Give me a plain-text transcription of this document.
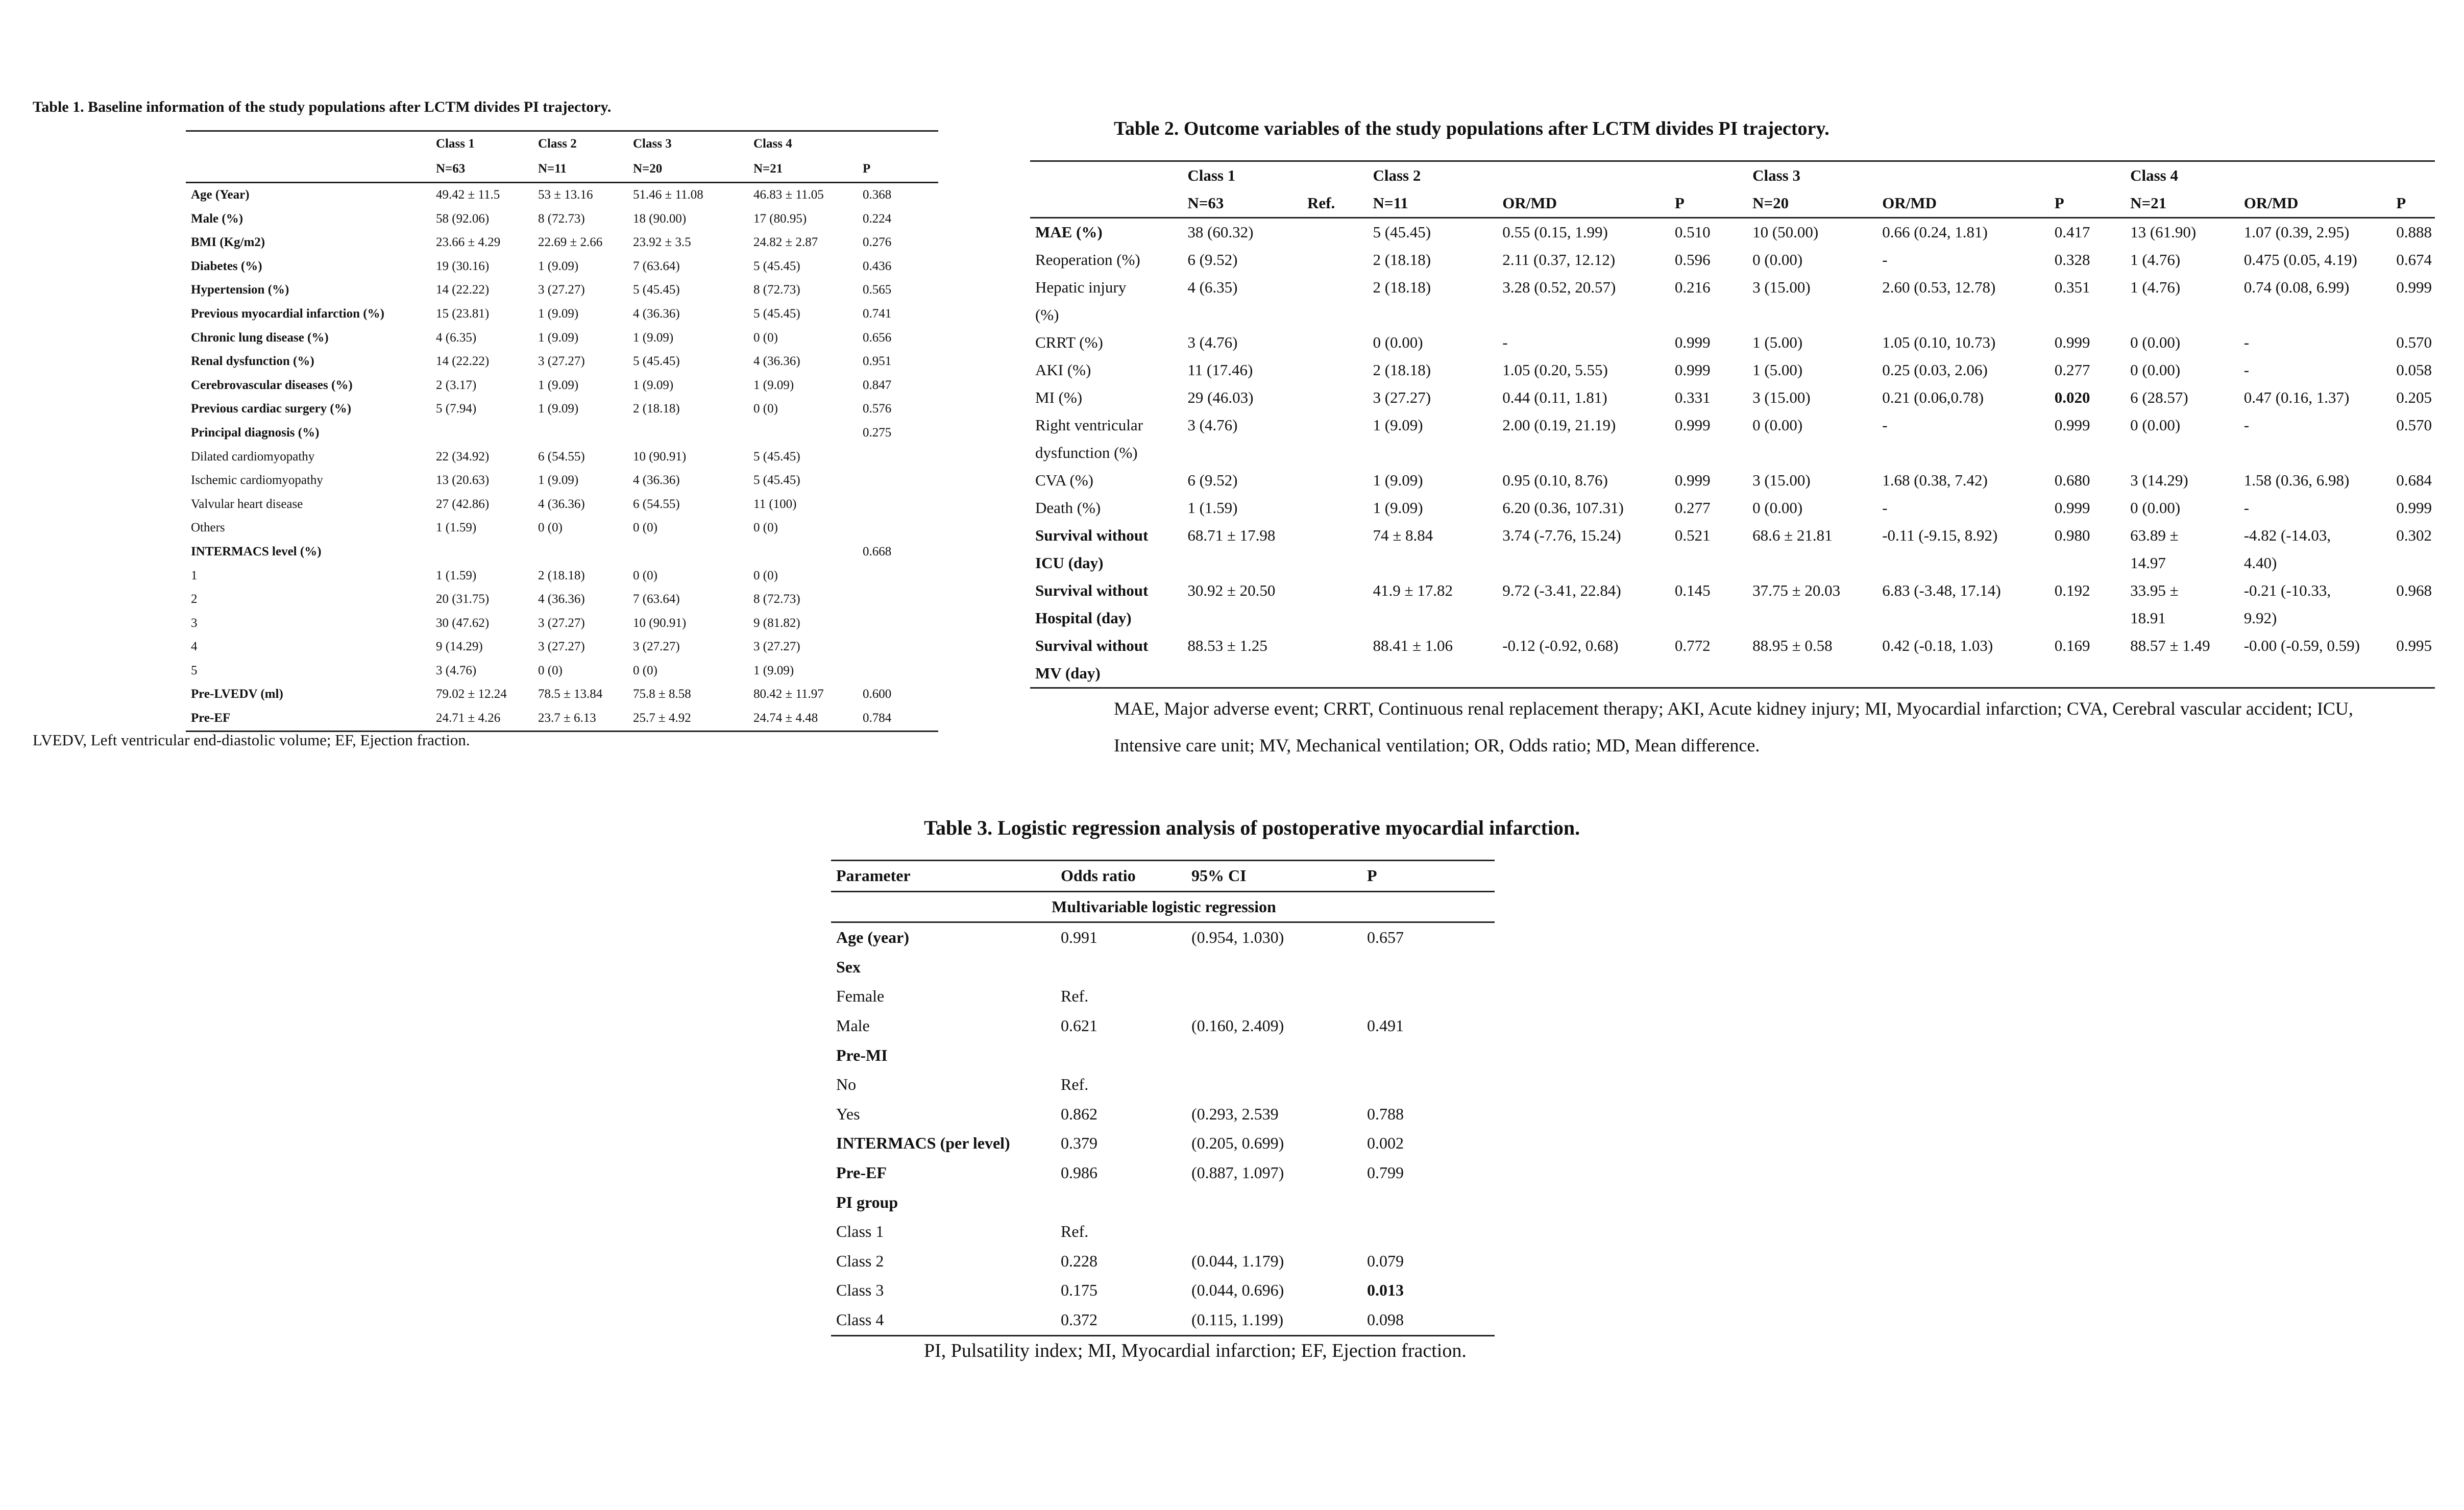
Table 1. Baseline information of the study populations after LCTM divides PI trajectory.
	Class 1	Class 2	Class 3	Class 4	
	N=63	N=11	N=20	N=21	P
Age (Year)	49.42 ± 11.5	53 ± 13.16	51.46 ± 11.08	46.83 ± 11.05	0.368
Male (%)	58 (92.06)	8 (72.73)	18 (90.00)	17 (80.95)	0.224
BMI (Kg/m2)	23.66 ± 4.29	22.69 ± 2.66	23.92 ± 3.5	24.82 ± 2.87	0.276
Diabetes (%)	19 (30.16)	1 (9.09)	7 (63.64)	5 (45.45)	0.436
Hypertension (%)	14 (22.22)	3 (27.27)	5 (45.45)	8 (72.73)	0.565
Previous myocardial infarction (%)	15 (23.81)	1 (9.09)	4 (36.36)	5 (45.45)	0.741
Chronic lung disease (%)	4 (6.35)	1 (9.09)	1 (9.09)	0 (0)	0.656
Renal dysfunction (%)	14 (22.22)	3 (27.27)	5 (45.45)	4 (36.36)	0.951
Cerebrovascular diseases (%)	2 (3.17)	1 (9.09)	1 (9.09)	1 (9.09)	0.847
Previous cardiac surgery (%)	5 (7.94)	1 (9.09)	2 (18.18)	0 (0)	0.576
Principal diagnosis (%)					0.275
Dilated cardiomyopathy	22 (34.92)	6 (54.55)	10 (90.91)	5 (45.45)	
Ischemic cardiomyopathy	13 (20.63)	1 (9.09)	4 (36.36)	5 (45.45)	
Valvular heart disease	27 (42.86)	4 (36.36)	6 (54.55)	11 (100)	
Others	1 (1.59)	0 (0)	0 (0)	0 (0)	
INTERMACS level (%)					0.668
1	1 (1.59)	2 (18.18)	0 (0)	0 (0)	
2	20 (31.75)	4 (36.36)	7 (63.64)	8 (72.73)	
3	30 (47.62)	3 (27.27)	10 (90.91)	9 (81.82)	
4	9 (14.29)	3 (27.27)	3 (27.27)	3 (27.27)	
5	3 (4.76)	0 (0)	0 (0)	1 (9.09)	
Pre-LVEDV (ml)	79.02 ± 12.24	78.5 ± 13.84	75.8 ± 8.58	80.42 ± 11.97	0.600
Pre-EF	24.71 ± 4.26	23.7 ± 6.13	25.7 ± 4.92	24.74 ± 4.48	0.784
LVEDV, Left ventricular end-diastolic volume; EF, Ejection fraction.
Table 2. Outcome variables of the study populations after LCTM divides PI trajectory.
	Class 1		Class 2			Class 3			Class 4		
	N=63	Ref.	N=11	OR/MD	P	N=20	OR/MD	P	N=21	OR/MD	P
MAE (%)	38 (60.32)		5 (45.45)	0.55 (0.15, 1.99)	0.510	10 (50.00)	0.66 (0.24, 1.81)	0.417	13 (61.90)	1.07 (0.39, 2.95)	0.888
Reoperation (%)	6 (9.52)		2 (18.18)	2.11 (0.37, 12.12)	0.596	0 (0.00)	-	0.328	1 (4.76)	0.475 (0.05, 4.19)	0.674
Hepatic injury	4 (6.35)		2 (18.18)	3.28 (0.52, 20.57)	0.216	3 (15.00)	2.60 (0.53, 12.78)	0.351	1 (4.76)	0.74 (0.08, 6.99)	0.999
(%)											
CRRT (%)	3 (4.76)		0 (0.00)	-	0.999	1 (5.00)	1.05 (0.10, 10.73)	0.999	0 (0.00)	-	0.570
AKI (%)	11 (17.46)		2 (18.18)	1.05 (0.20, 5.55)	0.999	1 (5.00)	0.25 (0.03, 2.06)	0.277	0 (0.00)	-	0.058
MI (%)	29 (46.03)		3 (27.27)	0.44 (0.11, 1.81)	0.331	3 (15.00)	0.21 (0.06,0.78)	0.020	6 (28.57)	0.47 (0.16, 1.37)	0.205
Right ventricular	3 (4.76)		1 (9.09)	2.00 (0.19, 21.19)	0.999	0 (0.00)	-	0.999	0 (0.00)	-	0.570
dysfunction (%)											
CVA (%)	6 (9.52)		1 (9.09)	0.95 (0.10, 8.76)	0.999	3 (15.00)	1.68 (0.38, 7.42)	0.680	3 (14.29)	1.58 (0.36, 6.98)	0.684
Death (%)	1 (1.59)		1 (9.09)	6.20 (0.36, 107.31)	0.277	0 (0.00)	-	0.999	0 (0.00)	-	0.999
Survival without	68.71 ± 17.98		74 ± 8.84	3.74 (-7.76, 15.24)	0.521	68.6 ± 21.81	-0.11 (-9.15, 8.92)	0.980	63.89 ±	-4.82 (-14.03,	0.302
ICU (day)									14.97	4.40)	
Survival without	30.92 ± 20.50		41.9 ± 17.82	9.72 (-3.41, 22.84)	0.145	37.75 ± 20.03	6.83 (-3.48, 17.14)	0.192	33.95 ±	-0.21 (-10.33,	0.968
Hospital (day)									18.91	9.92)	
Survival without	88.53 ± 1.25		88.41 ± 1.06	-0.12 (-0.92, 0.68)	0.772	88.95 ± 0.58	0.42 (-0.18, 1.03)	0.169	88.57 ± 1.49	-0.00 (-0.59, 0.59)	0.995
MV (day)											
MAE, Major adverse event; CRRT, Continuous renal replacement therapy; AKI, Acute kidney injury; MI, Myocardial infarction; CVA, Cerebral vascular accident; ICU, Intensive care unit; MV, Mechanical ventilation; OR, Odds ratio; MD, Mean difference.
Table 3. Logistic regression analysis of postoperative myocardial infarction.
Parameter	Odds ratio	95% CI	P
Multivariable logistic regression			
Age (year)	0.991	(0.954, 1.030)	0.657
Sex			
Female	Ref.		
Male	0.621	(0.160, 2.409)	0.491
Pre-MI			
No	Ref.		
Yes	0.862	(0.293, 2.539	0.788
INTERMACS (per level)	0.379	(0.205, 0.699)	0.002
Pre-EF	0.986	(0.887, 1.097)	0.799
PI group			
Class 1	Ref.		
Class 2	0.228	(0.044, 1.179)	0.079
Class 3	0.175	(0.044, 0.696)	0.013
Class 4	0.372	(0.115, 1.199)	0.098
PI, Pulsatility index; MI, Myocardial infarction; EF, Ejection fraction.
